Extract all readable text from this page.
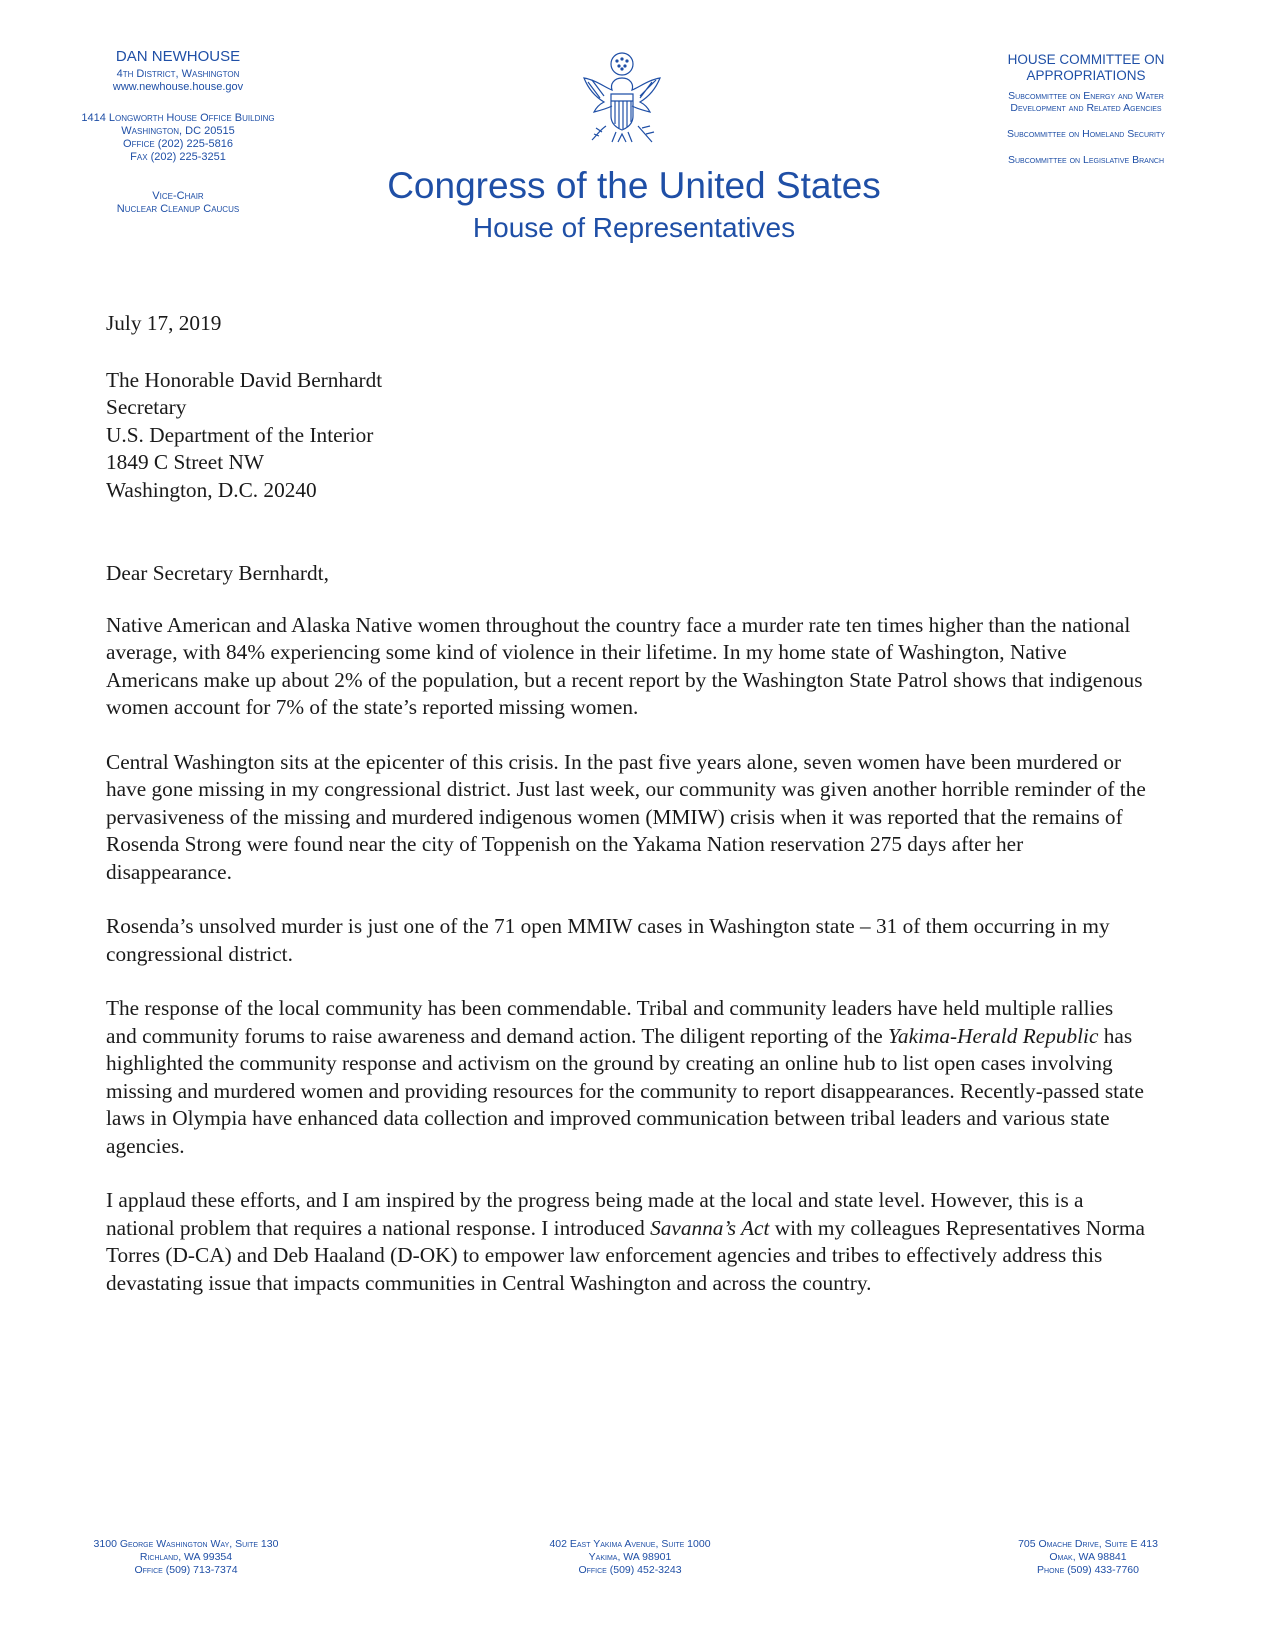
DAN NEWHOUSE
4th District, Washington
www.newhouse.house.gov
1414 Longworth House Office Building
Washington, DC 20515
Office (202) 225-5816
Fax (202) 225-3251
Vice-Chair
Nuclear Cleanup Caucus
HOUSE COMMITTEE ON
APPROPRIATIONS
Subcommittee on Energy and Water
Development and Related Agencies
Subcommittee on Homeland Security
Subcommittee on Legislative Branch
Congress of the United States
House of Representatives

July 17, 2019

The Honorable David Bernhardt

Secretary

U.S. Department of the Interior

1849 C Street NW

Washington, D.C. 20240

Dear Secretary Bernhardt,

Native American and Alaska Native women throughout the country face a murder rate ten times higher than the national average, with 84% experiencing some kind of violence in their lifetime. In my home state of Washington, Native Americans make up about 2% of the population, but a recent report by the Washington State Patrol shows that indigenous women account for 7% of the state’s reported missing women.

Central Washington sits at the epicenter of this crisis. In the past five years alone, seven women have been murdered or have gone missing in my congressional district. Just last week, our community was given another horrible reminder of the pervasiveness of the missing and murdered indigenous women (MMIW) crisis when it was reported that the remains of Rosenda Strong were found near the city of Toppenish on the Yakama Nation reservation 275 days after her disappearance.

Rosenda’s unsolved murder is just one of the 71 open MMIW cases in Washington state – 31 of them occurring in my congressional district.

The response of the local community has been commendable. Tribal and community leaders have held multiple rallies and community forums to raise awareness and demand action. The diligent reporting of the Yakima-Herald Republic has highlighted the community response and activism on the ground by creating an online hub to list open cases involving missing and murdered women and providing resources for the community to report disappearances. Recently-passed state laws in Olympia have enhanced data collection and improved communication between tribal leaders and various state agencies.

I applaud these efforts, and I am inspired by the progress being made at the local and state level. However, this is a national problem that requires a national response. I introduced Savanna’s Act with my colleagues Representatives Norma Torres (D-CA) and Deb Haaland (D-OK) to empower law enforcement agencies and tribes to effectively address this devastating issue that impacts communities in Central Washington and across the country.

3100 George Washington Way, Suite 130
Richland, WA 99354
Office (509) 713-7374
402 East Yakima Avenue, Suite 1000
Yakima, WA 98901
Office (509) 452-3243
705 Omache Drive, Suite E 413
Omak, WA 98841
Phone (509) 433-7760
